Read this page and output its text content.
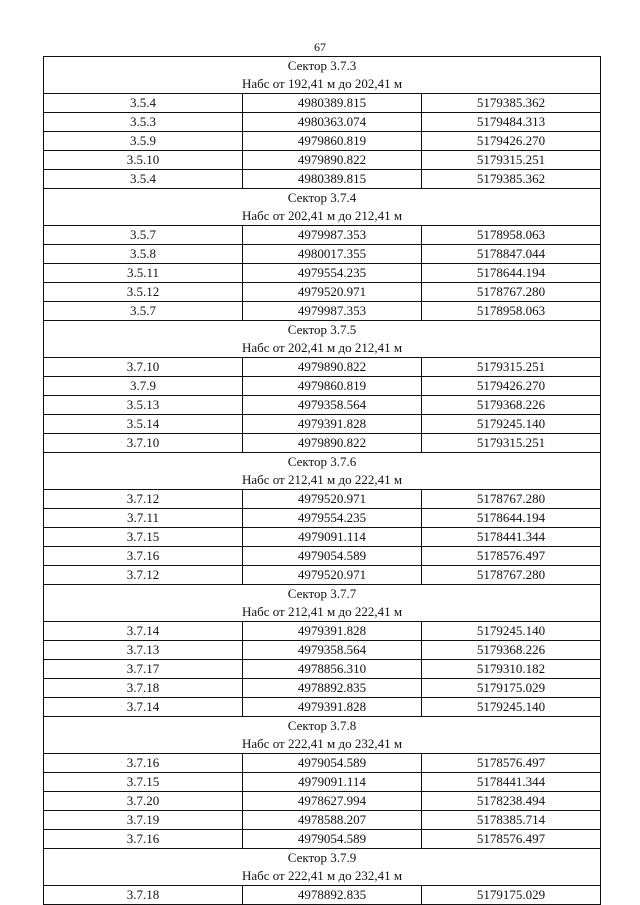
67
Сектор 3.7.3		
Набс от 192,41 м до 202,41 м		
3.5.4	4980389.815	5179385.362
3.5.3	4980363.074	5179484.313
3.5.9	4979860.819	5179426.270
3.5.10	4979890.822	5179315.251
3.5.4	4980389.815	5179385.362
Сектор 3.7.4		
Набс от 202,41 м до 212,41 м		
3.5.7	4979987.353	5178958.063
3.5.8	4980017.355	5178847.044
3.5.11	4979554.235	5178644.194
3.5.12	4979520.971	5178767.280
3.5.7	4979987.353	5178958.063
Сектор 3.7.5		
Набс от 202,41 м до 212,41 м		
3.7.10	4979890.822	5179315.251
3.7.9	4979860.819	5179426.270
3.5.13	4979358.564	5179368.226
3.5.14	4979391.828	5179245.140
3.7.10	4979890.822	5179315.251
Сектор 3.7.6		
Набс от 212,41 м до 222,41 м		
3.7.12	4979520.971	5178767.280
3.7.11	4979554.235	5178644.194
3.7.15	4979091.114	5178441.344
3.7.16	4979054.589	5178576.497
3.7.12	4979520.971	5178767.280
Сектор 3.7.7		
Набс от 212,41 м до 222,41 м		
3.7.14	4979391.828	5179245.140
3.7.13	4979358.564	5179368.226
3.7.17	4978856.310	5179310.182
3.7.18	4978892.835	5179175.029
3.7.14	4979391.828	5179245.140
Сектор 3.7.8		
Набс от 222,41 м до 232,41 м		
3.7.16	4979054.589	5178576.497
3.7.15	4979091.114	5178441.344
3.7.20	4978627.994	5178238.494
3.7.19	4978588.207	5178385.714
3.7.16	4979054.589	5178576.497
Сектор 3.7.9		
Набс от 222,41 м до 232,41 м		
3.7.18	4978892.835	5179175.029
